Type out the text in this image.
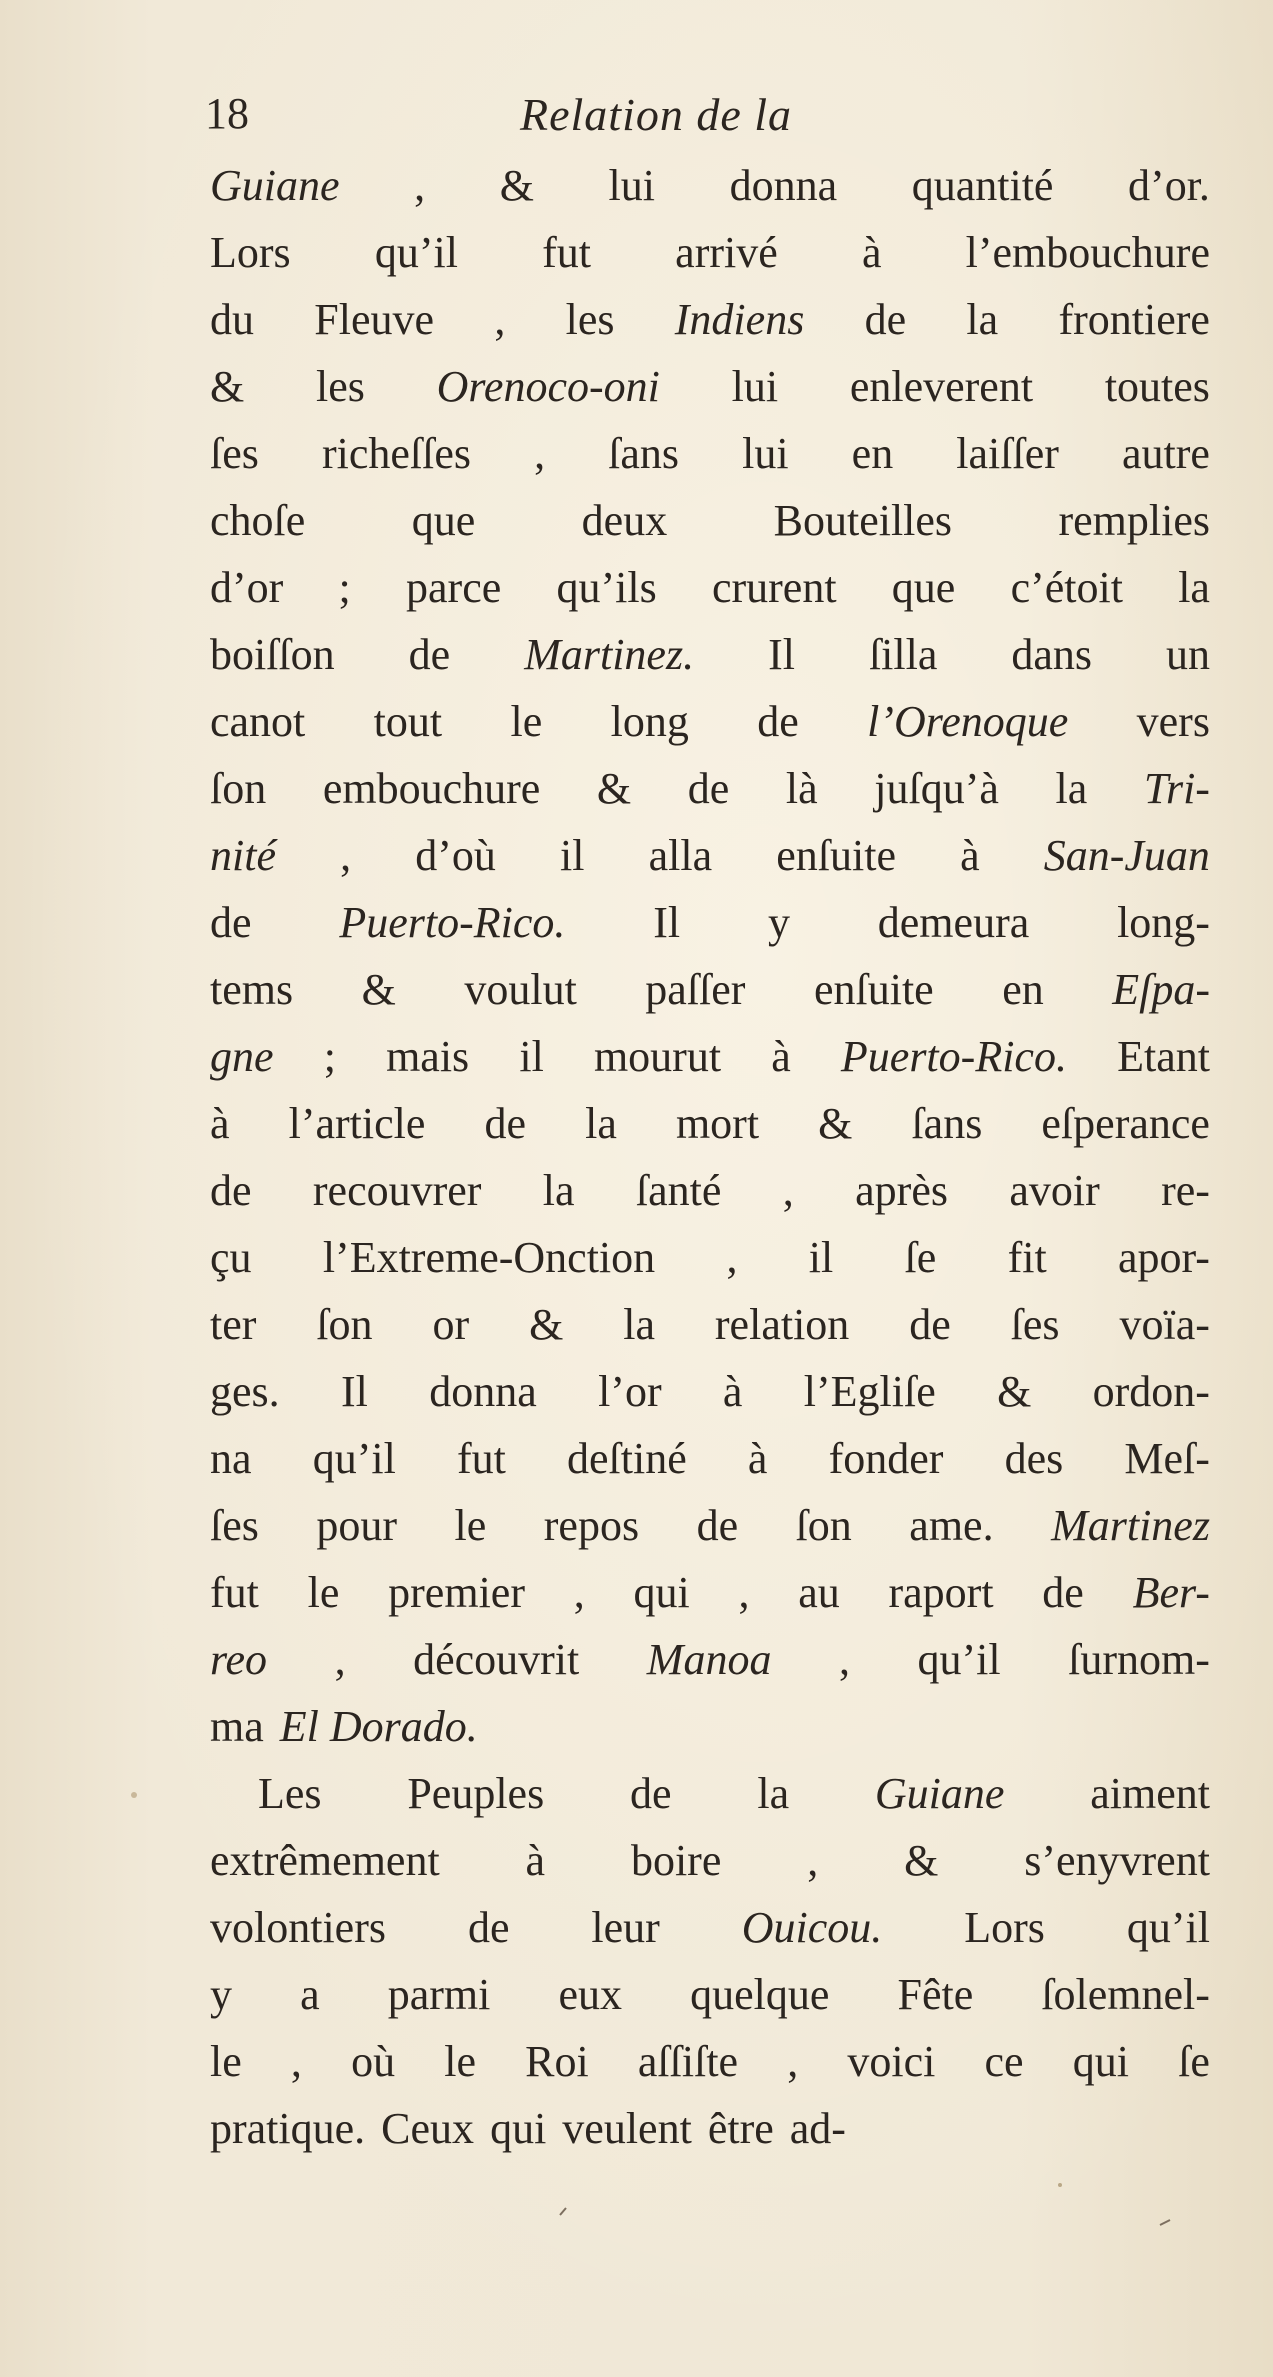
18	Relation de la
Guiane , & lui donna quantité d’or.
Lors qu’il fut arrivé à l’embouchure
du Fleuve , les Indiens de la frontiere
& les Orenoco-oni lui enleverent toutes
ſes richeſſes , ſans lui en laiſſer autre
choſe que deux Bouteilles remplies
d’or ; parce qu’ils crurent que c’étoit la
boiſſon de Martinez. Il ſilla dans un
canot tout le long de l’Orenoque vers
ſon embouchure & de là juſqu’à la Tri-
nité , d’où il alla enſuite à San-Juan
de Puerto-Rico. Il y demeura long-
tems & voulut paſſer enſuite en Eſpa-
gne ; mais il mourut à Puerto-Rico. Etant
à l’article de la mort & ſans eſperance
de recouvrer la ſanté , après avoir re-
çu l’Extreme-Onction , il ſe fit apor-
ter ſon or & la relation de ſes voïa-
ges. Il donna l’or à l’Egliſe & ordon-
na qu’il fut deſtiné à fonder des Meſ-
ſes pour le repos de ſon ame. Martinez
fut le premier , qui , au raport de Ber-
reo , découvrit Manoa , qu’il ſurnom-
ma El Dorado.
Les Peuples de la Guiane aiment
extrêmement à boire , & s’enyvrent
volontiers de leur Ouicou. Lors qu’il
y a parmi eux quelque Fête ſolemnel-
le , où le Roi aſſiſte , voici ce qui ſe
pratique. Ceux qui veulent être ad-
